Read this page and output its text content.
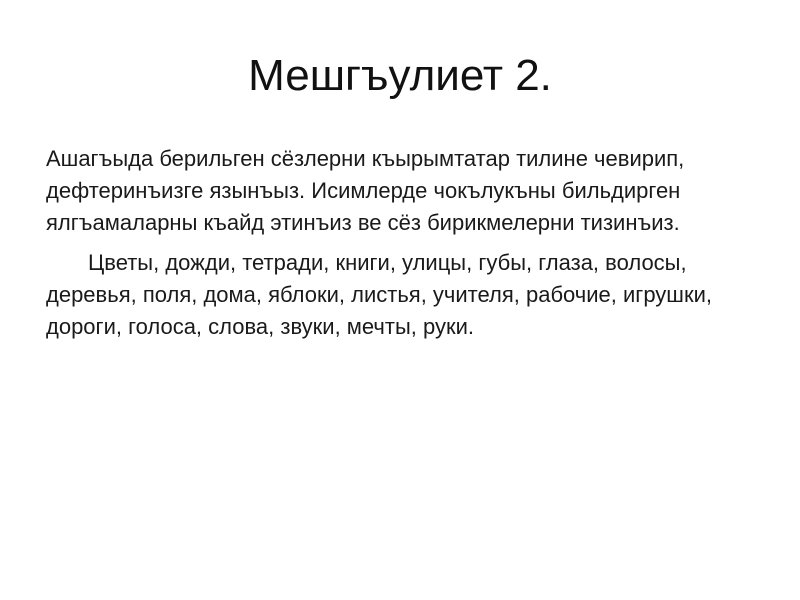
Мешгъулиет 2.

Ашагъыда берильген сёзлерни къырымтатар тилине чевирип, дефтеринъизге язынъыз. Исимлерде чокълукъны бильдирген ялгъамаларны къайд этинъиз ве сёз бирикмелерни тизинъиз.

Цветы, дожди, тетради, книги, улицы, губы, глаза, волосы, деревья, поля, дома, яблоки, листья, учителя, рабочие, игрушки, дороги, голоса, слова, звуки, мечты, руки.
